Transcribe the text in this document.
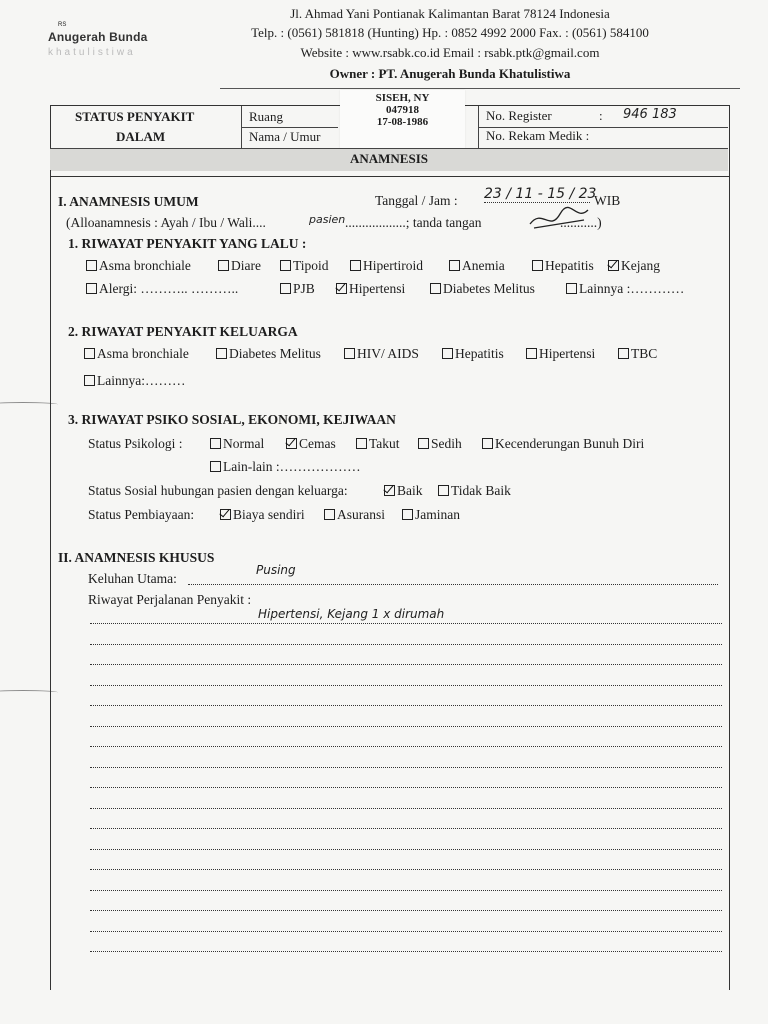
RS
Anugerah Bunda
khatulistiwa
Jl. Ahmad Yani Pontianak Kalimantan Barat 78124 Indonesia
Telp. : (0561) 581818 (Hunting) Hp. : 0852 4992 2000 Fax. : (0561) 584100
Website : www.rsabk.co.id Email : rsabk.ptk@gmail.com
Owner : PT. Anugerah Bunda Khatulistiwa
STATUS PENYAKIT
DALAM
Ruang
Nama / Umur
No. Register	: 946 183
No. Rekam Medik :
SISEH, NY
047918
17-08-1986
ANAMNESIS
I. ANAMNESIS UMUM	Tanggal / Jam : 23 / 11 - 15 / 23
WIB
(Alloanamnesis : Ayah / Ibu / Wali....	pasien ..................; tanda tangan	...........)
1. RIWAYAT PENYAKIT YANG LALU :
2. RIWAYAT PENYAKIT KELUARGA
3. RIWAYAT PSIKO SOSIAL, EKONOMI, KEJIWAAN
Status Psikologi :
Status Sosial hubungan pasien dengan keluarga:
Status Pembiayaan:
II. ANAMNESIS KHUSUS
Keluhan Utama:
Pusing
Riwayat Perjalanan Penyakit :
Hipertensi, Kejang 1 x dirumah
Asma bronchiale	Diare	Tipoid	Hipertiroid	Anemia	Hepatitis	Kejang
Alergi: ……….. ………..	PJB	Hipertensi	Diabetes Melitus	Lainnya :…………
Asma bronchiale	Diabetes Melitus	HIV/ AIDS	Hepatitis	Hipertensi	TBC
Lainnya:………
Normal	Cemas	Takut	Sedih	Kecenderungan Bunuh Diri
Lain-lain :………………
Baik	Tidak Baik
Biaya sendiri	Asuransi	Jaminan
